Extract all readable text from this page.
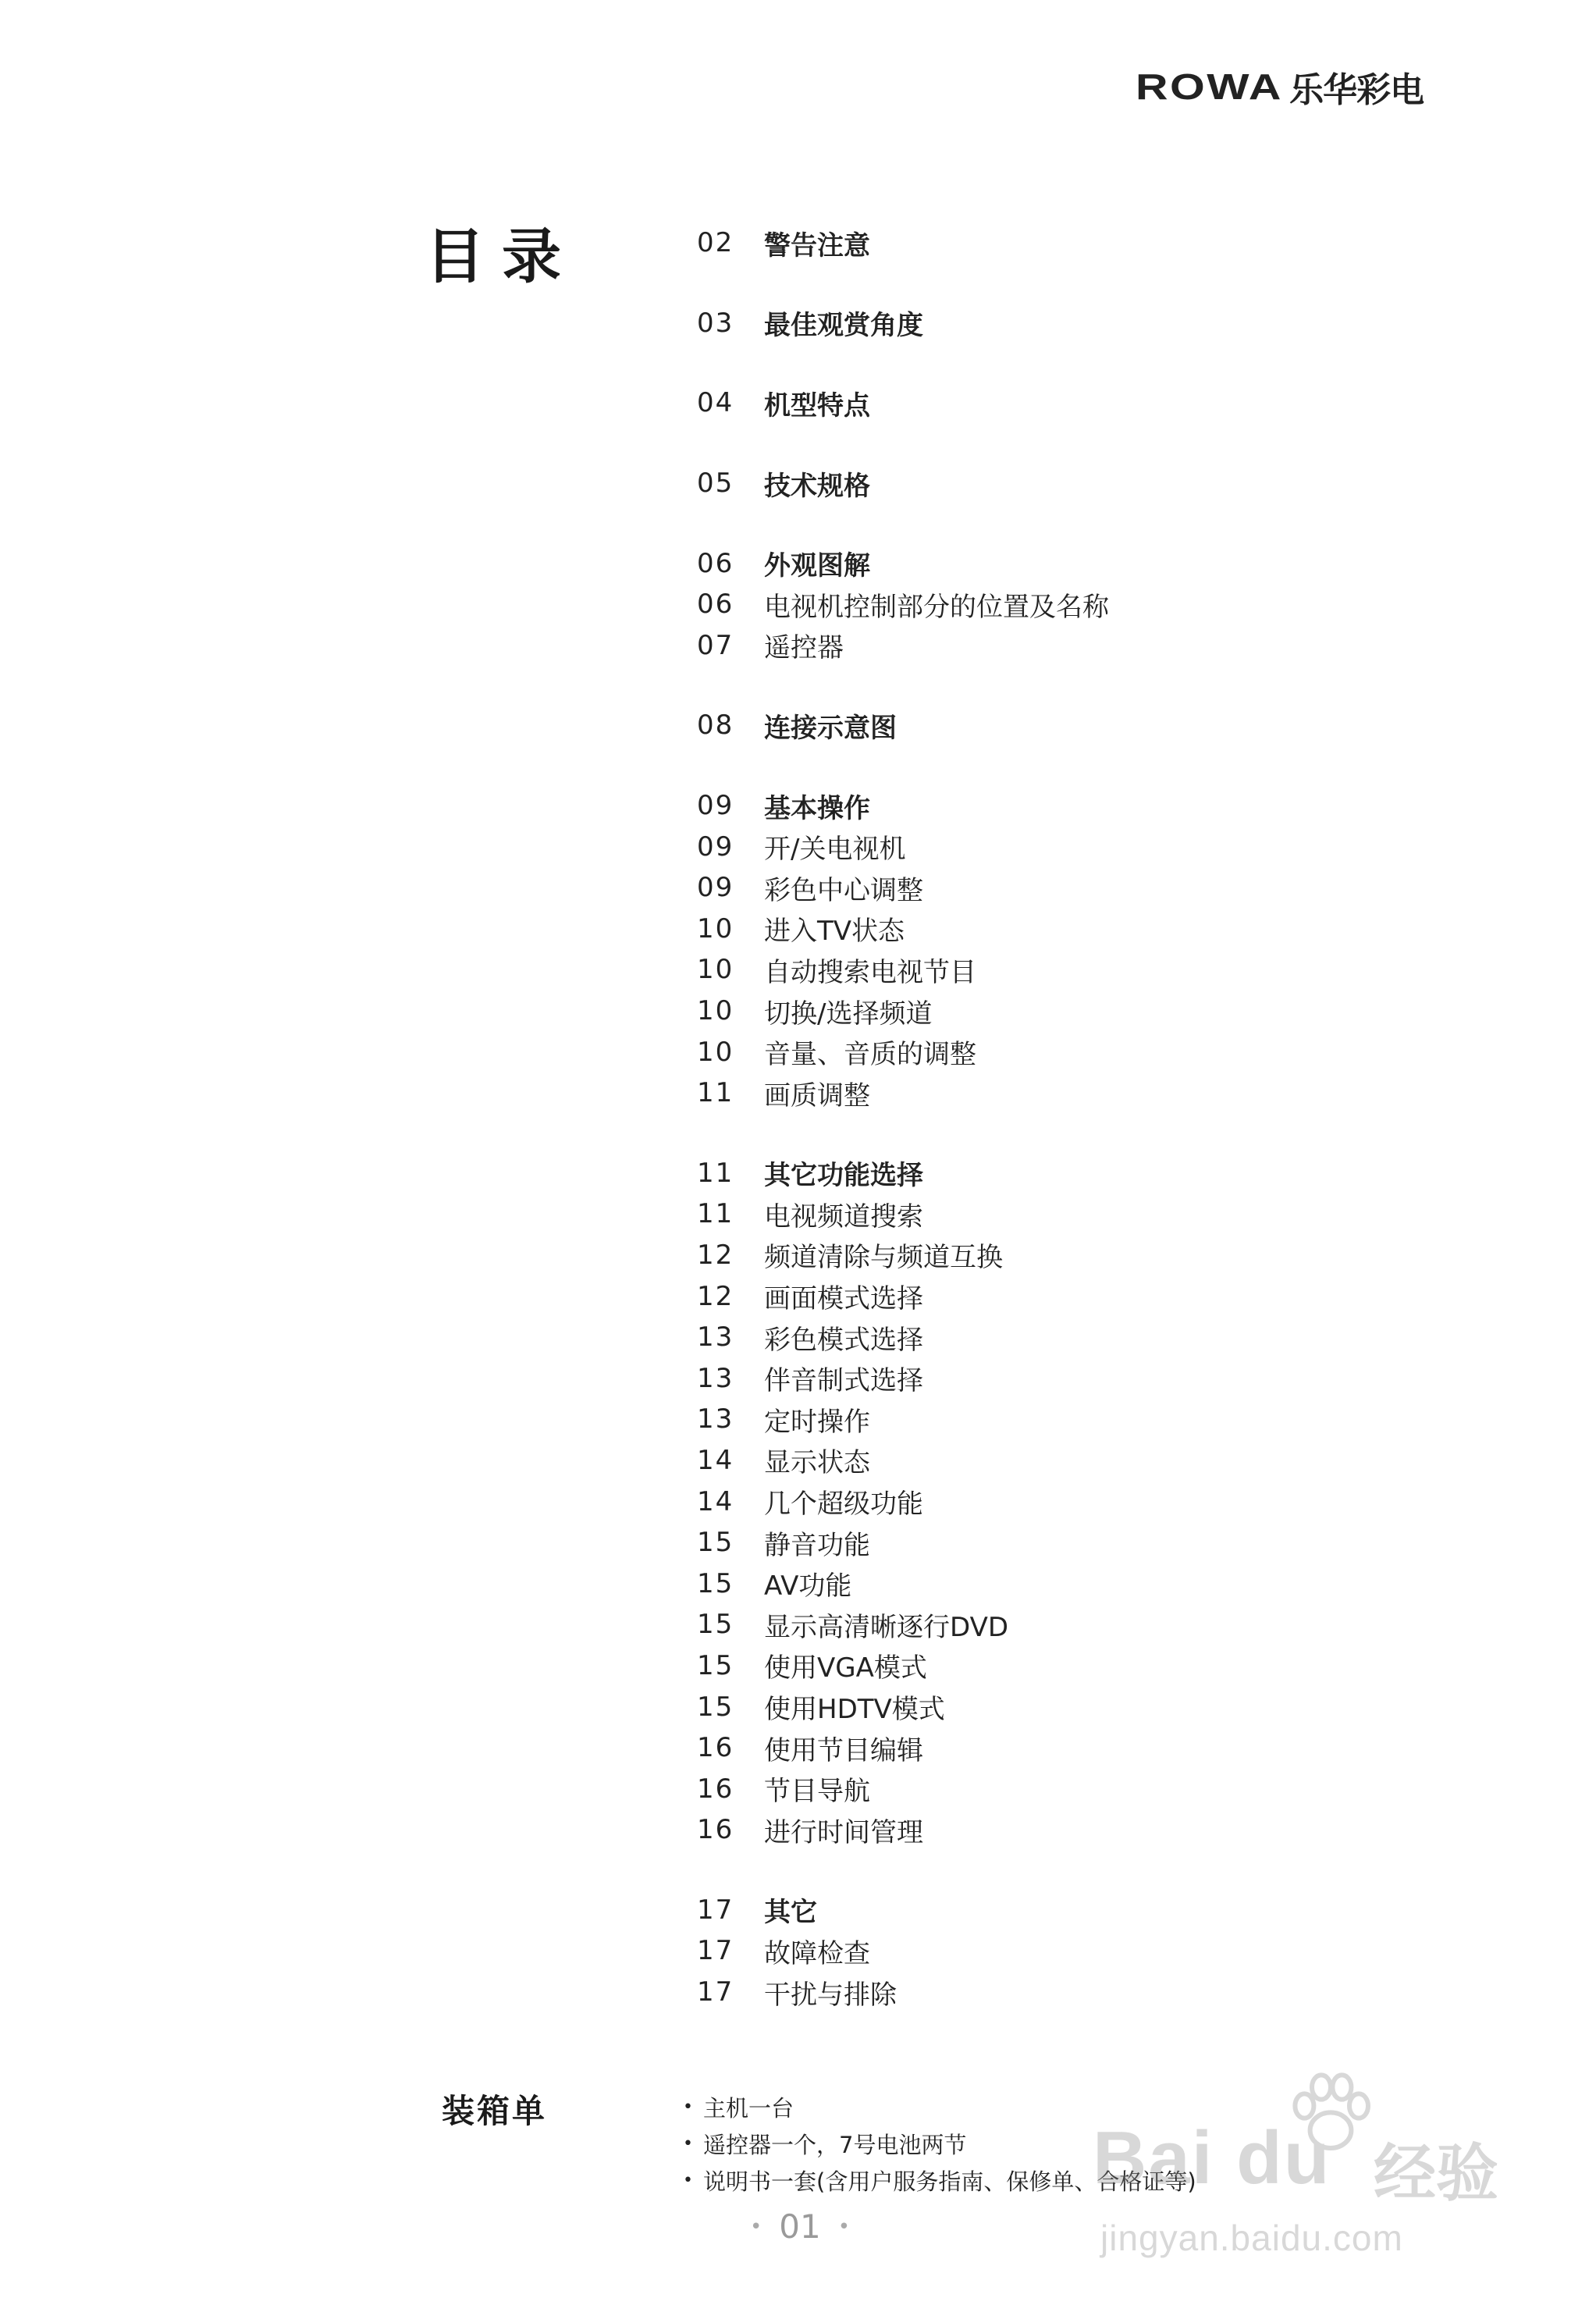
ROWA 乐华彩电
目录	02	警告注意
03	最佳观赏角度
04	机型特点
05	技术规格
06	外观图解
06	电视机控制部分的位置及名称
07	遥控器
08	连接示意图
09	基本操作
09	开/关电视机
09	彩色中心调整
10	进入TV状态
10	自动搜索电视节目
10	切换/选择频道
10	音量、音质的调整
11	画质调整
11	其它功能选择
11	电视频道搜索
12	频道清除与频道互换
12	画面模式选择
13	彩色模式选择
13	伴音制式选择
13	定时操作
14	显示状态
14	几个超级功能
15	静音功能
15	AV功能
15	显示高清晰逐行DVD
15	使用VGA模式
15	使用HDTV模式
16	使用节目编辑
16	节目导航
16	进行时间管理
17	其它
17	故障检查
17	干扰与排除
装箱单	• 主机一台
• 遥控器一个，7号电池两节
• 说明书一套(含用户服务指南、保修单、合格证等)
• 01 •
Bai du 经验
jingyan.baidu.com
